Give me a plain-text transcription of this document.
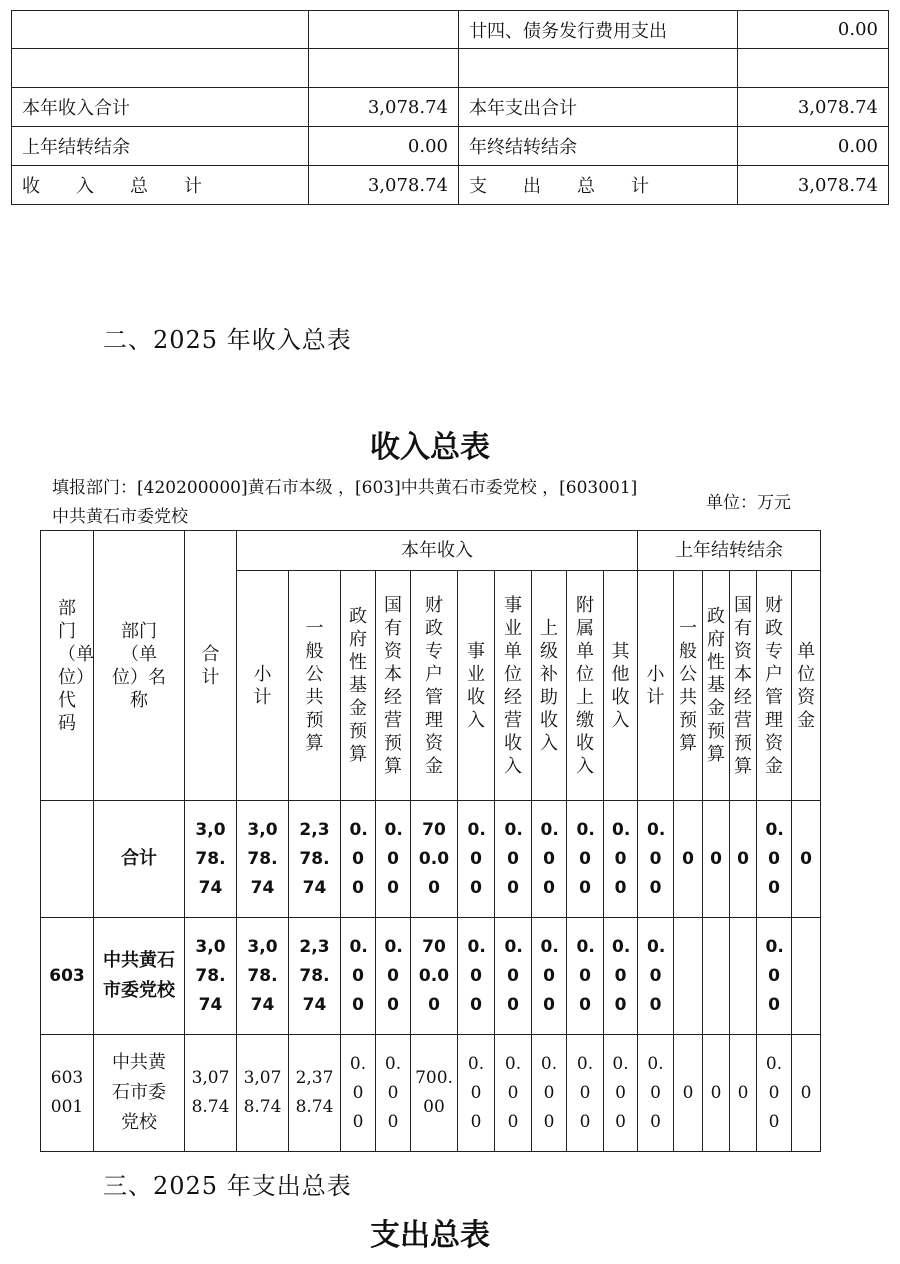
		廿四、债务发行费用支出	0.00

本年收入合计	3,078.74	本年支出合计	3,078.74
上年结转结余	0.00	年终结转结余	0.00
收　　入　　总　　计	3,078.74	支　　出　　总　　计	3,078.74
二、2025 年收入总表
收入总表
填报部门：[420200000]黄石市本级 ，[603]中共黄石市委党校 ，[603001]中共黄石市委党校
单位：万元
部门（单位）代码	部门（单位）名称	合计	本年收入										上年结转结余					

			小计	一般公共预算	政府性基金预算	国有资本经营预算	财政专户管理资金	事业收入	事业单位经营收入	上级补助收入	附属单位上缴收入	其他收入	小计	一般公共预算	政府性基金预算	国有资本经营预算	财政专户管理资金	单位资金

	合计	3,078.74	3,078.74	2,378.74	0.00	0.00	700.00	0.00	0.00	0.00	0.00	0.00	0.00	0	0	0	0.00	0

603	中共黄石市委党校	3,078.74	3,078.74	2,378.74	0.00	0.00	700.00	0.00	0.00	0.00	0.00	0.00	0.00				0.00	

603001	中共黄石市委党校	3,078.74	3,078.74	2,378.74	0.00	0.00	700.00	0.00	0.00	0.00	0.00	0.00	0.00	0	0	0	0.00	0
三、2025 年支出总表
支出总表
